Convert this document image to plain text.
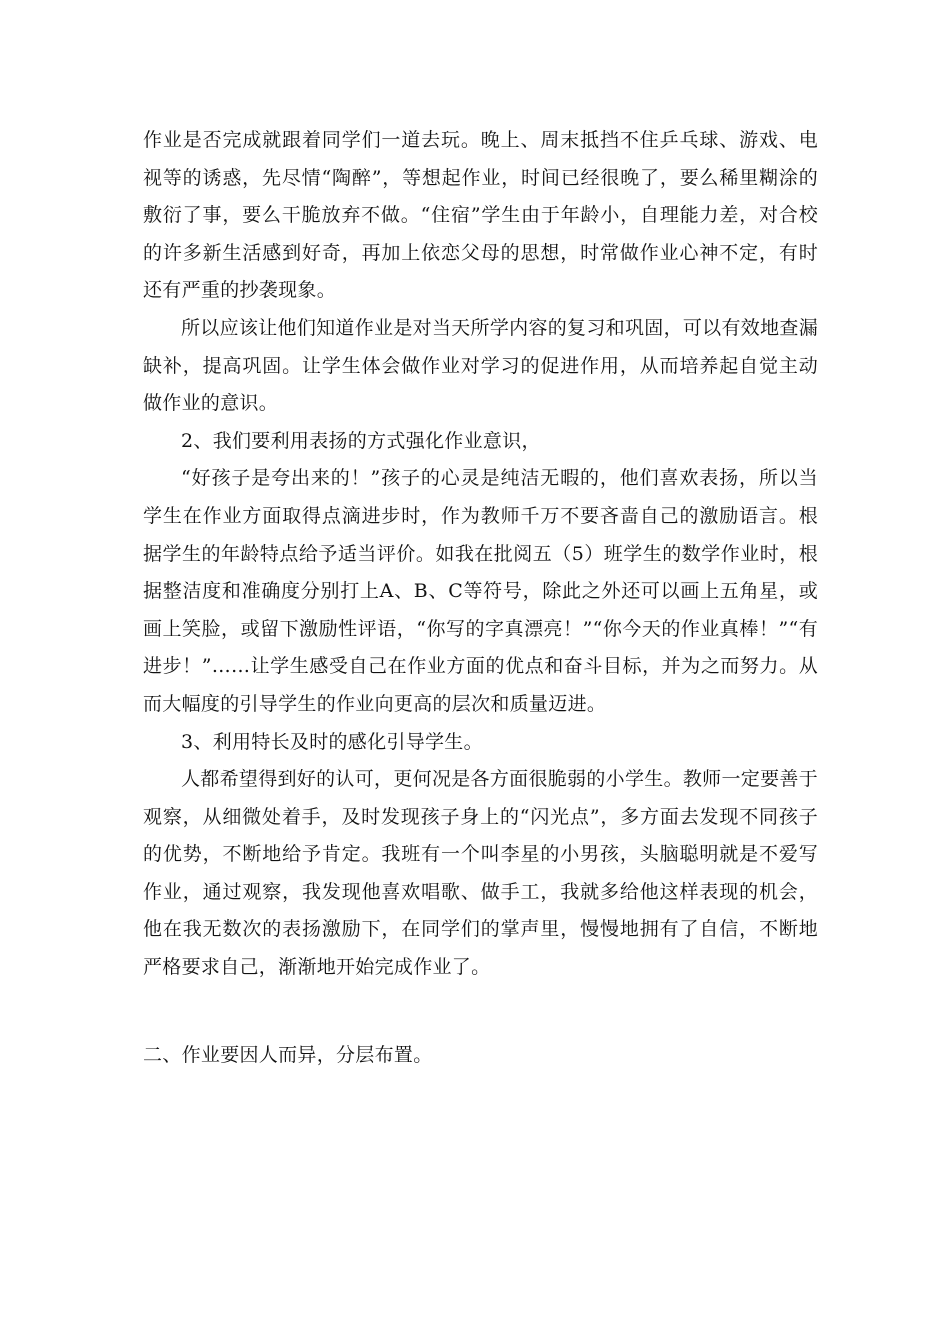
作业是否完成就跟着同学们一道去玩。晚上、周末抵挡不住乒乓球、游戏、电视等的诱惑，先尽情“陶醉”，等想起作业，时间已经很晚了，要么稀里糊涂的敷衍了事，要么干脆放弃不做。“住宿”学生由于年龄小，自理能力差，对合校的许多新生活感到好奇，再加上依恋父母的思想，时常做作业心神不定，有时还有严重的抄袭现象。

所以应该让他们知道作业是对当天所学内容的复习和巩固，可以有效地查漏缺补，提高巩固。让学生体会做作业对学习的促进作用，从而培养起自觉主动做作业的意识。

2、我们要利用表扬的方式强化作业意识，

“好孩子是夸出来的！”孩子的心灵是纯洁无暇的，他们喜欢表扬，所以当学生在作业方面取得点滴进步时，作为教师千万不要吝啬自己的激励语言。根据学生的年龄特点给予适当评价。如我在批阅五（5）班学生的数学作业时，根据整洁度和准确度分别打上A、B、C等符号，除此之外还可以画上五角星，或画上笑脸，或留下激励性评语，“你写的字真漂亮！”“你今天的作业真棒！”“有进步！”……让学生感受自己在作业方面的优点和奋斗目标，并为之而努力。从而大幅度的引导学生的作业向更高的层次和质量迈进。

3、利用特长及时的感化引导学生。

人都希望得到好的认可，更何况是各方面很脆弱的小学生。教师一定要善于观察，从细微处着手，及时发现孩子身上的“闪光点”，多方面去发现不同孩子的优势，不断地给予肯定。我班有一个叫李星的小男孩，头脑聪明就是不爱写作业，通过观察，我发现他喜欢唱歌、做手工，我就多给他这样表现的机会，他在我无数次的表扬激励下，在同学们的掌声里，慢慢地拥有了自信，不断地严格要求自己，渐渐地开始完成作业了。

二、作业要因人而异，分层布置。
